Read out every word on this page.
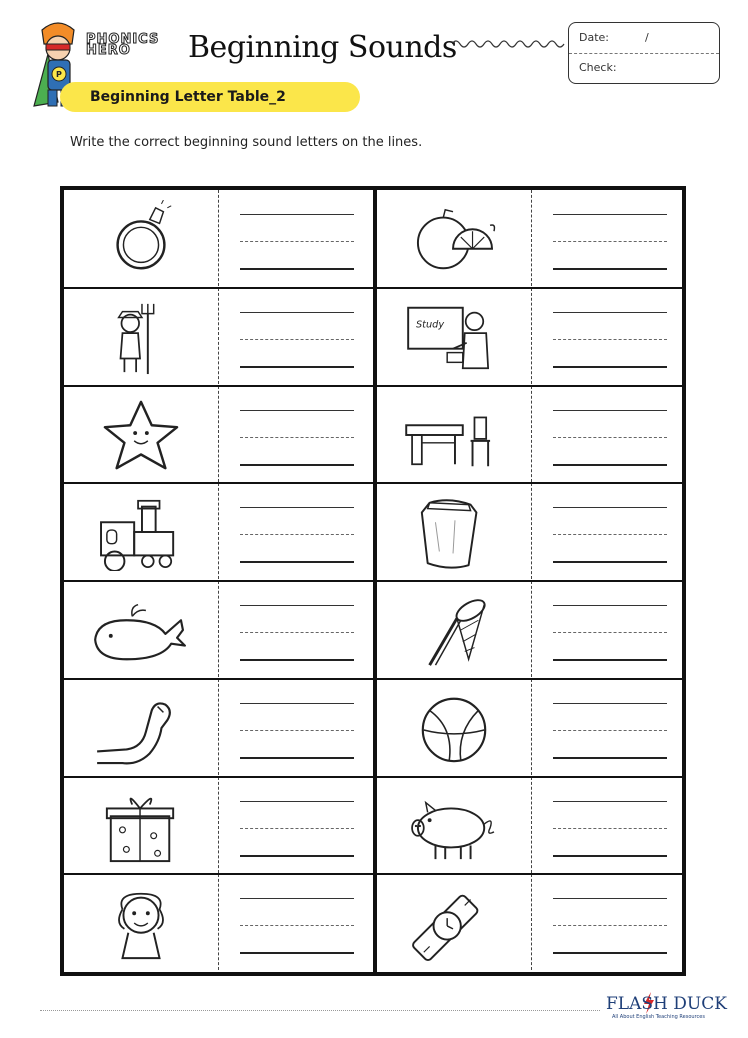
P
PHONICS
HERO	Beginning Sounds	Date:	/
Check:
Beginning Letter Table_2
Write the correct beginning sound letters on the lines.
Study
FLASH DUCK
All About English Teaching Resources
